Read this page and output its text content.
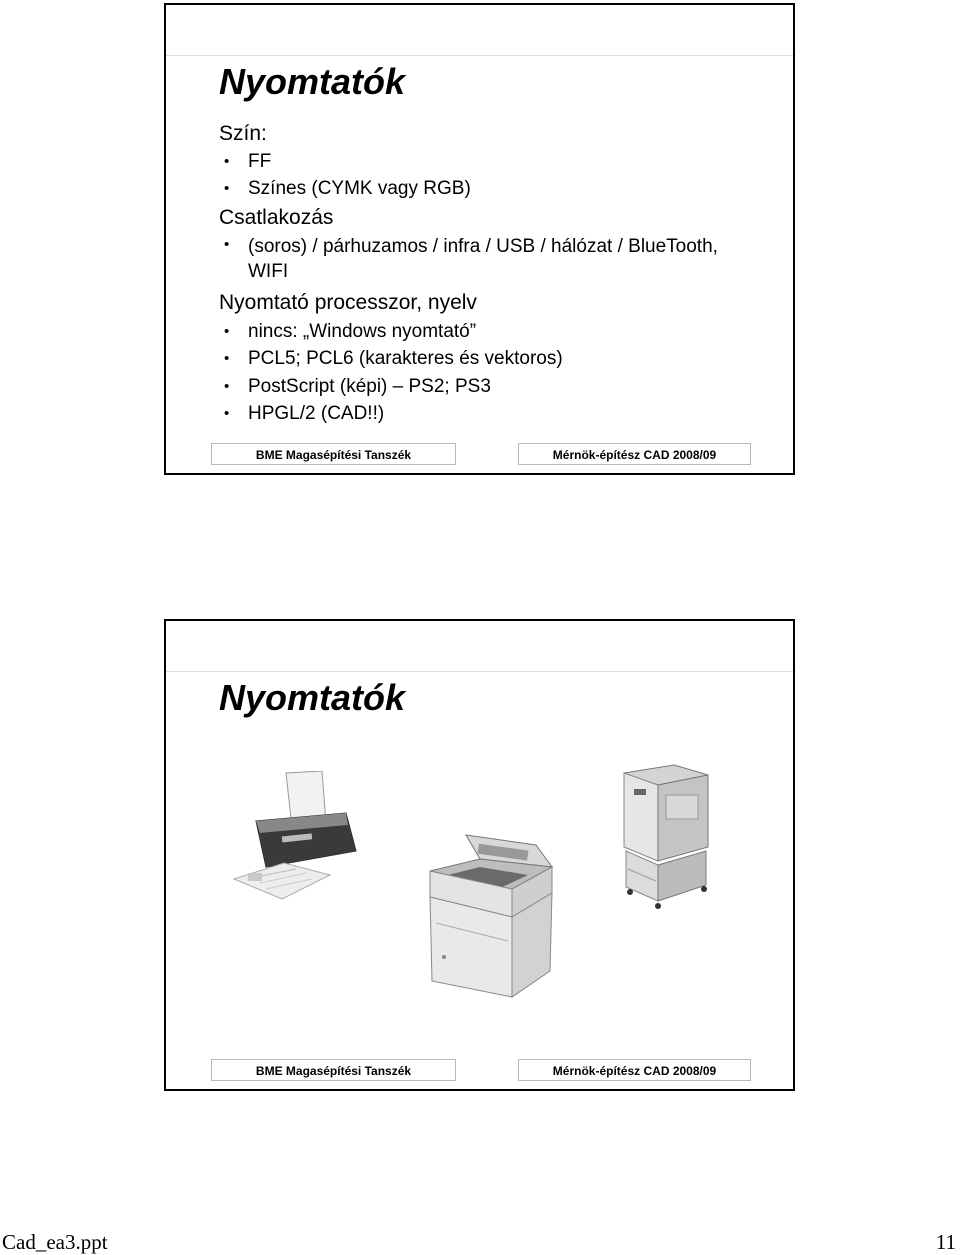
Nyomtatók
Szín:
• FF
• Színes (CYMK vagy RGB)
Csatlakozás
• (soros) / párhuzamos / infra / USB / hálózat / BlueTooth, WIFI
Nyomtató processzor, nyelv
• nincs: „Windows nyomtató”
• PCL5; PCL6 (karakteres és vektoros)
• PostScript (képi) – PS2; PS3
• HPGL/2 (CAD!!)
BME Magasépítési Tanszék	Mérnök-építész CAD 2008/09
Nyomtatók
BME Magasépítési Tanszék	Mérnök-építész CAD 2008/09
Cad_ea3.ppt	11
